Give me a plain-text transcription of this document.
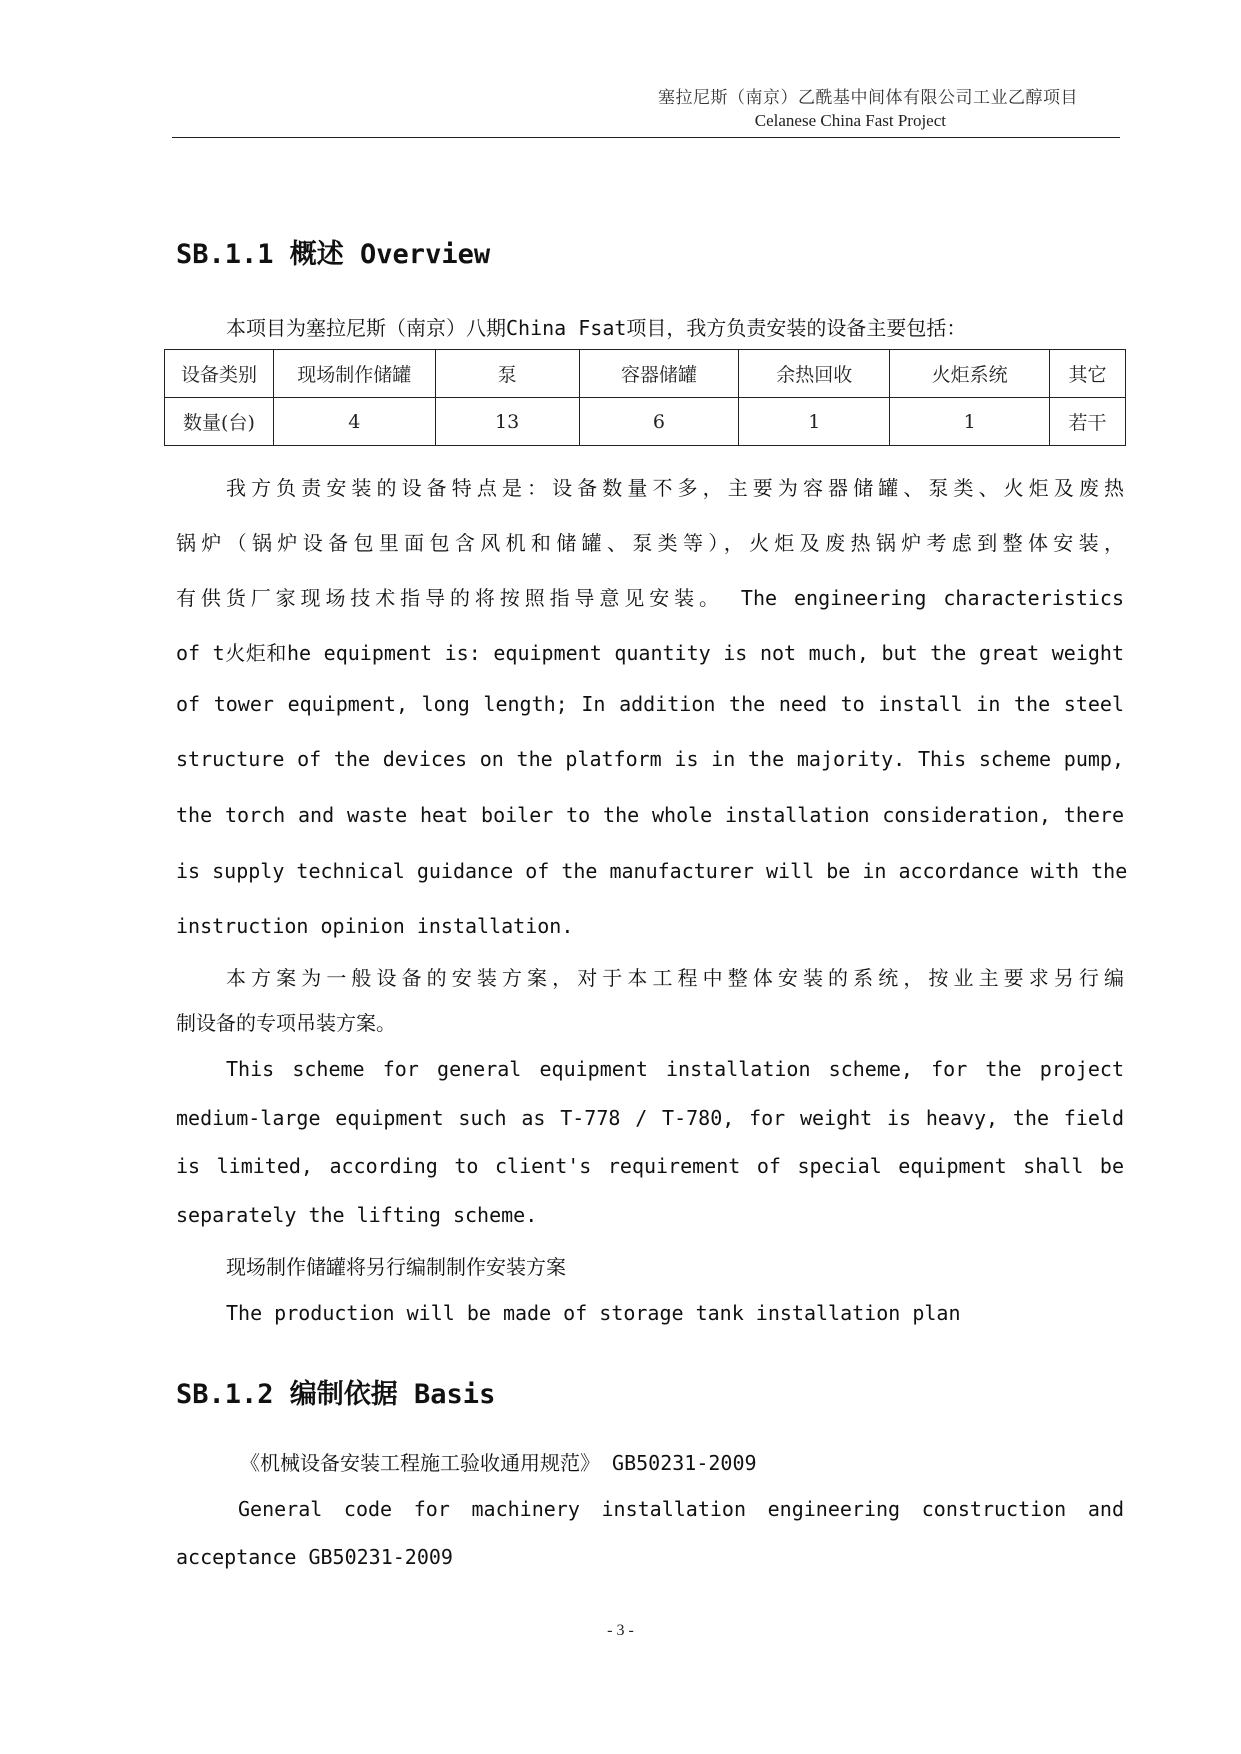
塞拉尼斯（南京）乙酰基中间体有限公司工业乙醇项目
Celanese China Fast Project
SB.1.1 概述 Overview
本项目为塞拉尼斯（南京）八期China Fsat项目，我方负责安装的设备主要包括：
设备类别	现场制作储罐	泵	容器储罐	余热回收	火炬系统	其它
数量(台)	4	13	6	1	1	若干
我方负责安装的设备特点是：设备数量不多，主要为容器储罐、泵类、火炬及废热
锅炉（锅炉设备包里面包含风机和储罐、泵类等），火炬及废热锅炉考虑到整体安装，
有供货厂家现场技术指导的将按照指导意见安装。 The engineering characteristics
of t火炬和he equipment is: equipment quantity is not much, but the great weight
of tower equipment, long length; In addition the need to install in the steel
structure of the devices on the platform is in the majority. This scheme pump,
the torch and waste heat boiler to the whole installation consideration, there
is supply technical guidance of the manufacturer will be in accordance with the
instruction opinion installation.
本方案为一般设备的安装方案，对于本工程中整体安装的系统，按业主要求另行编
制设备的专项吊装方案。
This scheme for general equipment installation scheme, for the project
medium-large equipment such as T-778 / T-780, for weight is heavy, the field
is limited, according to client's requirement of special equipment shall be
separately the lifting scheme.
现场制作储罐将另行编制制作安装方案
The production will be made of storage tank installation plan
SB.1.2 编制依据 Basis
《机械设备安装工程施工验收通用规范》 GB50231-2009
General code for machinery installation engineering construction and
acceptance GB50231-2009
- 3 -
